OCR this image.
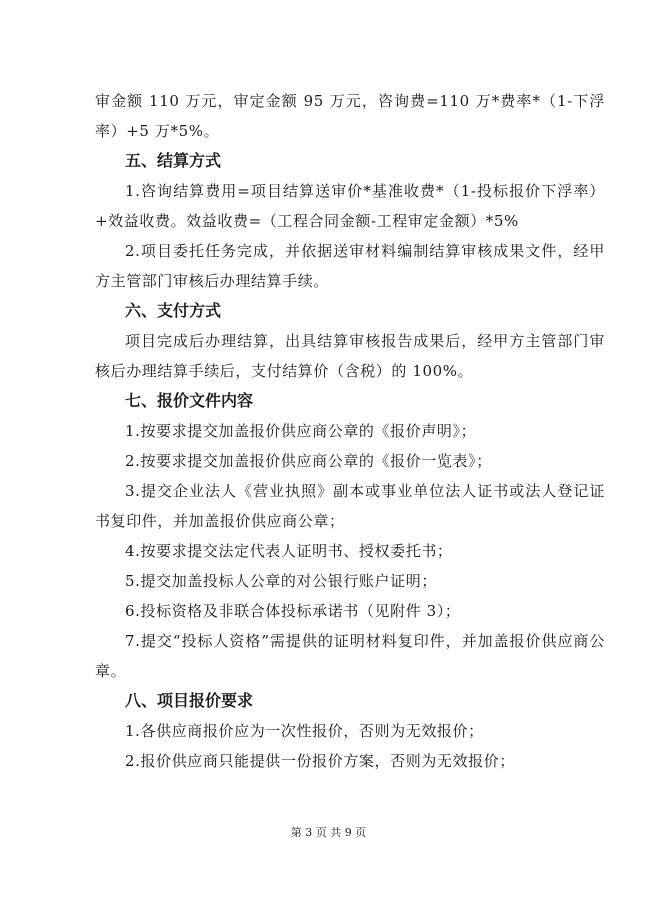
审金额 110 万元，审定金额 95 万元，咨询费=110 万*费率*（1-下浮率）+5 万*5%。

五、结算方式

1.咨询结算费用=项目结算送审价*基准收费*（1-投标报价下浮率）+效益收费。效益收费=（工程合同金额-工程审定金额）*5%

2.项目委托任务完成，并依据送审材料编制结算审核成果文件，经甲方主管部门审核后办理结算手续。

六、支付方式

项目完成后办理结算，出具结算审核报告成果后，经甲方主管部门审核后办理结算手续后，支付结算价（含税）的 100%。

七、报价文件内容

1.按要求提交加盖报价供应商公章的《报价声明》；

2.按要求提交加盖报价供应商公章的《报价一览表》；

3.提交企业法人《营业执照》副本或事业单位法人证书或法人登记证书复印件，并加盖报价供应商公章；

4.按要求提交法定代表人证明书、授权委托书；

5.提交加盖投标人公章的对公银行账户证明；

6.投标资格及非联合体投标承诺书（见附件 3）；

7.提交“投标人资格”需提供的证明材料复印件，并加盖报价供应商公章。

八、项目报价要求

1.各供应商报价应为一次性报价，否则为无效报价；

2.报价供应商只能提供一份报价方案，否则为无效报价；

第 3 页 共 9 页
